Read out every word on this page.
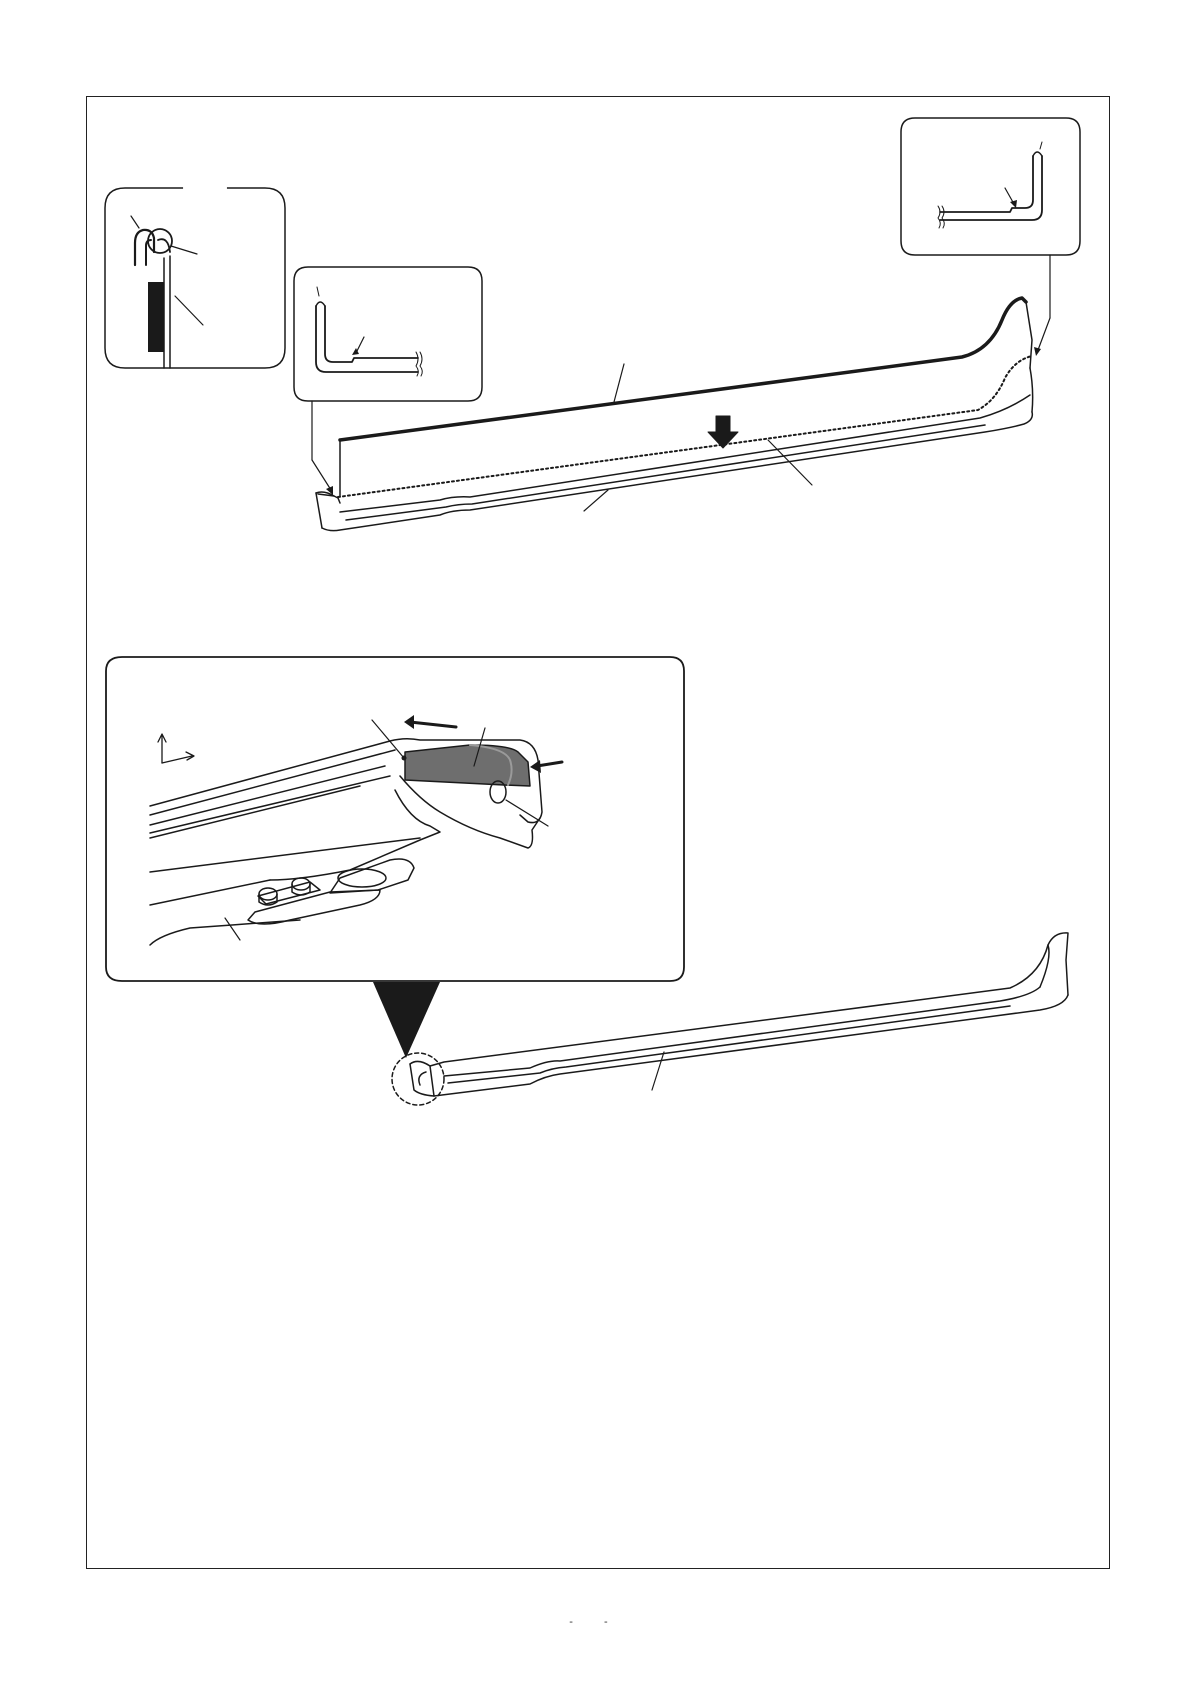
- -
